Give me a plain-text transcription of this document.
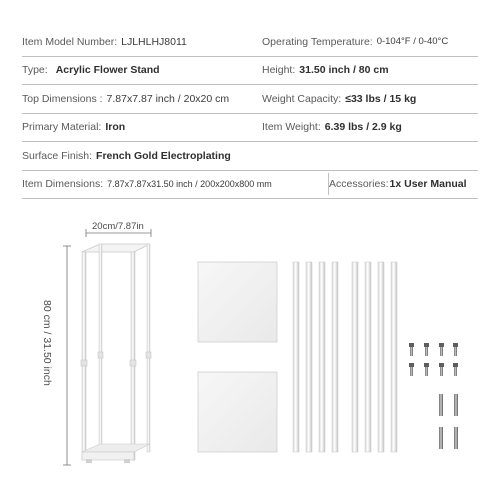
Item Model Number: LJLHLHJ8011	Operating Temperature: 0-104°F / 0-40°C
Type: Acrylic Flower Stand	Height: 31.50 inch / 80 cm
Top Dimensions : 7.87x7.87 inch / 20x20 cm	Weight Capacity: ≤33 lbs / 15 kg
Primary Material: Iron	Item Weight: 6.39 lbs / 2.9 kg
Surface Finish: French Gold Electroplating
Item Dimensions: 7.87x7.87x31.50 inch / 200x200x800 mm	Accessories: 1x User Manual
20cm/7.87in
80 cm / 31.50 inch
